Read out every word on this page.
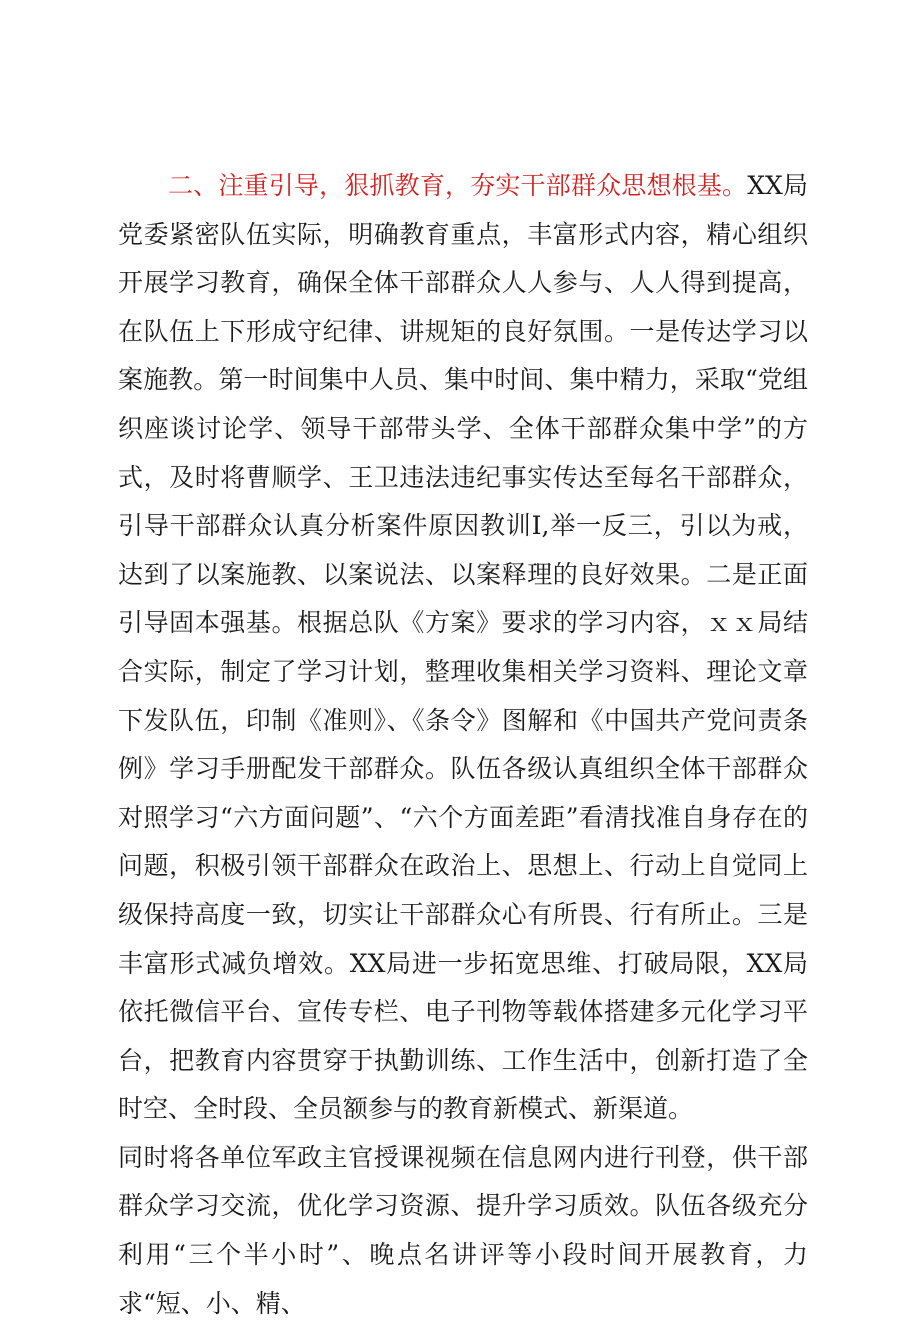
二、注重引导，狠抓教育，夯实干部群众思想根基。XX局党委紧密队伍实际，明确教育重点，丰富形式内容，精心组织开展学习教育，确保全体干部群众人人参与、人人得到提高，在队伍上下形成守纪律、讲规矩的良好氛围。一是传达学习以案施教。第一时间集中人员、集中时间、集中精力，采取“党组织座谈讨论学、领导干部带头学、全体干部群众集中学”的方式，及时将曹顺学、王卫违法违纪事实传达至每名干部群众，引导干部群众认真分析案件原因教训I,举一反三，引以为戒，达到了以案施教、以案说法、以案释理的良好效果。二是正面引导固本强基。根据总队《方案》要求的学习内容，ｘｘ局结合实际，制定了学习计划，整理收集相关学习资料、理论文章下发队伍，印制《准则》、《条令》图解和《中国共产党问责条例》学习手册配发干部群众。队伍各级认真组织全体干部群众对照学习“六方面问题”、“六个方面差距”看清找准自身存在的问题，积极引领干部群众在政治上、思想上、行动上自觉同上级保持高度一致，切实让干部群众心有所畏、行有所止。三是丰富形式减负增效。XX局进一步拓宽思维、打破局限，XX局依托微信平台、宣传专栏、电子刊物等载体搭建多元化学习平台，把教育内容贯穿于执勤训练、工作生活中，创新打造了全时空、全时段、全员额参与的教育新模式、新渠道。

同时将各单位军政主官授课视频在信息网内进行刊登，供干部群众学习交流，优化学习资源、提升学习质效。队伍各级充分利用“三个半小时”、晚点名讲评等小段时间开展教育，力求“短、小、精、
